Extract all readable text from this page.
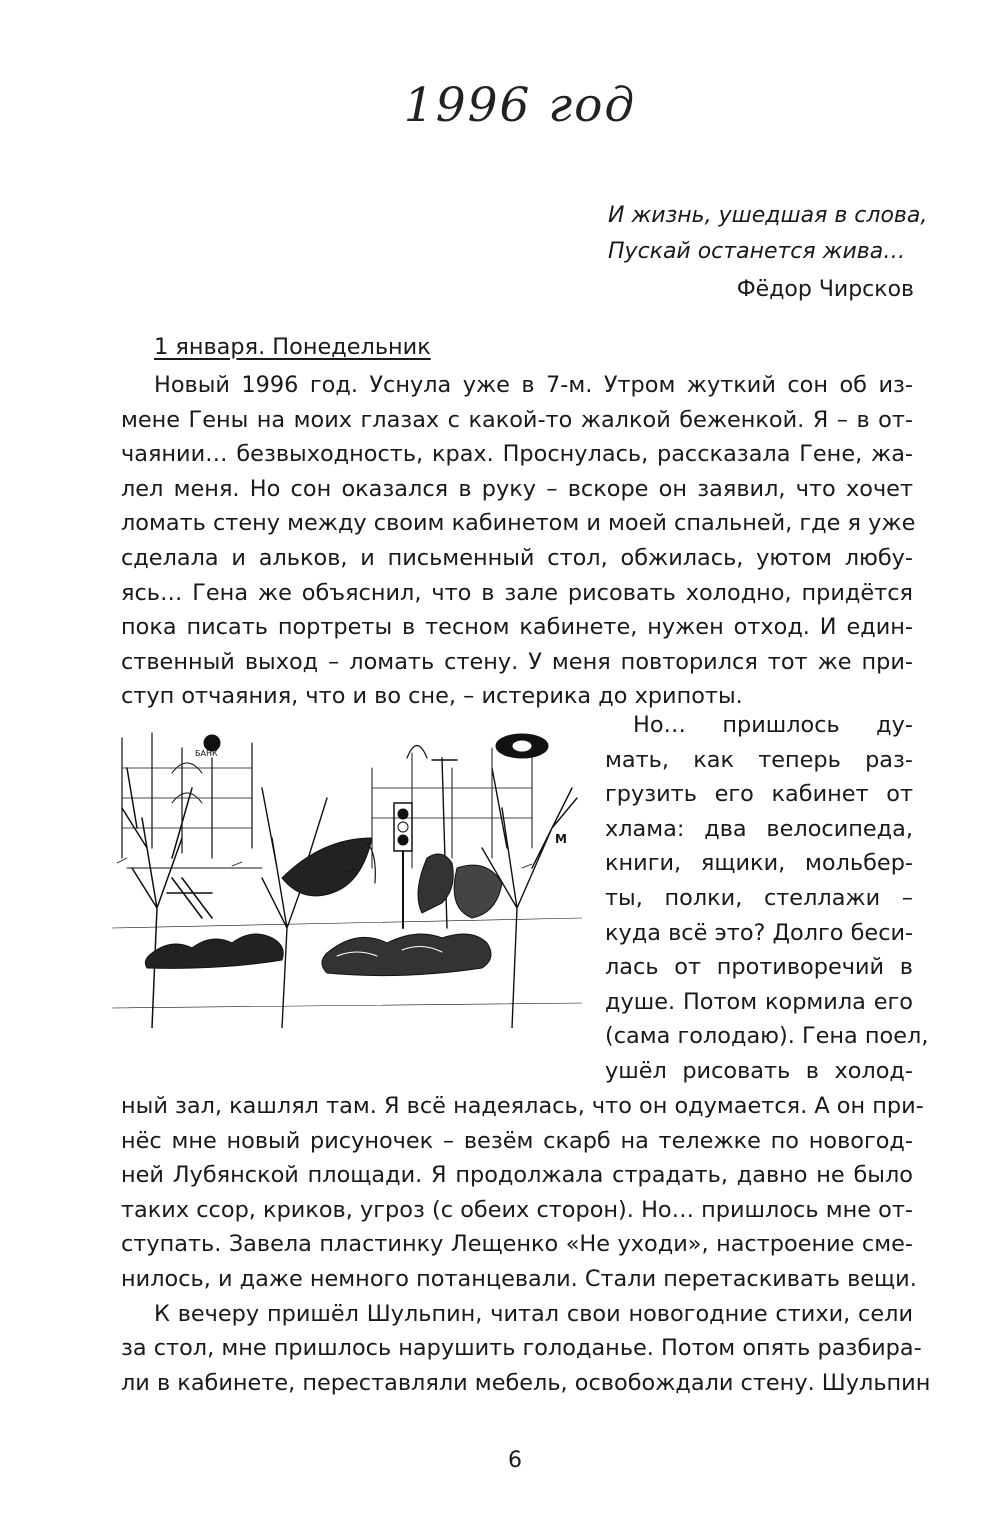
1996 год
И жизнь, ушедшая в слова,
Пускай останется жива…
Фёдор Чирсков
1 января. Понедельник
Новый 1996 год. Уснула уже в 7-м. Утром жуткий сон об из-
мене Гены на моих глазах с какой-то жалкой беженкой. Я – в от-
чаянии… безвыходность, крах. Проснулась, рассказала Гене, жа-
лел меня. Но сон оказался в руку – вскоре он заявил, что хочет
ломать стену между своим кабинетом и моей спальней, где я уже
сделала и альков, и письменный стол, обжилась, уютом любу-
ясь… Гена же объяснил, что в зале рисовать холодно, придётся
пока писать портреты в тесном кабинете, нужен отход. И един-
ственный выход – ломать стену. У меня повторился тот же при-
ступ отчаяния, что и во сне, – истерика до хрипоты.
БАНК
М
Но… пришлось ду-
мать, как теперь раз-
грузить его кабинет от
хлама: два велосипеда,
книги, ящики, мольбер-
ты, полки, стеллажи –
куда всё это? Долго беси-
лась от противоречий в
душе. Потом кормила его
(сама голодаю). Гена поел,
ушёл рисовать в холод-
ный зал, кашлял там. Я всё надеялась, что он одумается. А он при-
нёс мне новый рисуночек – везём скарб на тележке по новогод-
ней Лубянской площади. Я продолжала страдать, давно не было
таких ссор, криков, угроз (с обеих сторон). Но… пришлось мне от-
ступать. Завела пластинку Лещенко «Не уходи», настроение сме-
нилось, и даже немного потанцевали. Стали перетаскивать вещи.
К вечеру пришёл Шульпин, читал свои новогодние стихи, сели
за стол, мне пришлось нарушить голоданье. Потом опять разбира-
ли в кабинете, переставляли мебель, освобождали стену. Шульпин
6
